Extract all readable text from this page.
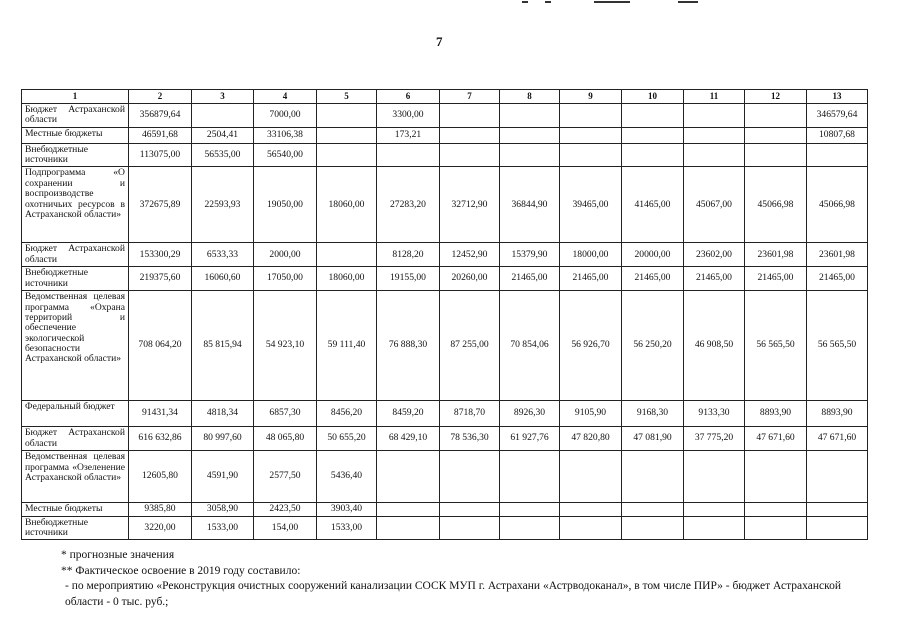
7
1	2	3	4	5	6	7	8	9	10	11	12	13
Бюджет Астраханской области	356879,64		7000,00		3300,00							346579,64
Местные бюджеты	46591,68	2504,41	33106,38		173,21							10807,68
Внебюджетные источники	113075,00	56535,00	56540,00									
Подпрограмма «О сохранении и воспроизводстве охотничьих ресурсов в Астраханской области»	372675,89	22593,93	19050,00	18060,00	27283,20	32712,90	36844,90	39465,00	41465,00	45067,00	45066,98	45066,98
Бюджет Астраханской области	153300,29	6533,33	2000,00		8128,20	12452,90	15379,90	18000,00	20000,00	23602,00	23601,98	23601,98
Внебюджетные источники	219375,60	16060,60	17050,00	18060,00	19155,00	20260,00	21465,00	21465,00	21465,00	21465,00	21465,00	21465,00
Ведомственная целевая программа «Охрана территорий и обеспечение экологической безопасности Астраханской области»	708 064,20	85 815,94	54 923,10	59 111,40	76 888,30	87 255,00	70 854,06	56 926,70	56 250,20	46 908,50	56 565,50	56 565,50
Федеральный бюджет	91431,34	4818,34	6857,30	8456,20	8459,20	8718,70	8926,30	9105,90	9168,30	9133,30	8893,90	8893,90
Бюджет Астраханской области	616 632,86	80 997,60	48 065,80	50 655,20	68 429,10	78 536,30	61 927,76	47 820,80	47 081,90	37 775,20	47 671,60	47 671,60
Ведомственная целевая программа «Озеленение Астраханской области»	12605,80	4591,90	2577,50	5436,40								
Местные бюджеты	9385,80	3058,90	2423,50	3903,40								
Внебюджетные источники	3220,00	1533,00	154,00	1533,00								

* прогнозные значения

** Фактическое освоение в 2019 году составило:

- по мероприятию «Реконструкция очистных сооружений канализации СОСК МУП г. Астрахани «Астрводоканал», в том числе ПИР» - бюджет Астраханской области - 0 тыс. руб.;
